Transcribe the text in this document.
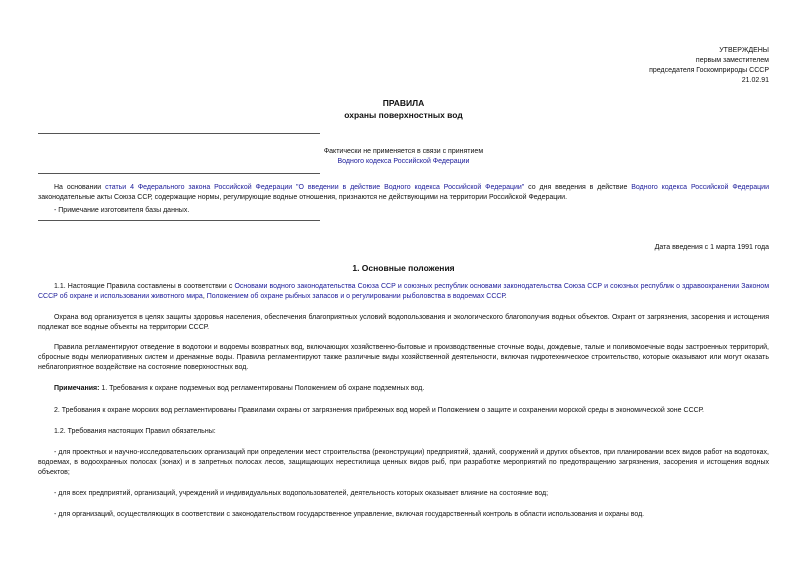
УТВЕРЖДЕНЫ
первым заместителем
председателя Госкомприроды СССР
21.02.91
ПРАВИЛА
охраны поверхностных вод
Фактически не применяется в связи с принятием
Водного кодекса Российской Федерации
На основании статьи 4 Федерального закона Российской Федерации "О введении в действие Водного кодекса Российской Федерации" со дня введения в действие Водного кодекса Российской Федерации законодательные акты Союза ССР, содержащие нормы, регулирующие водные отношения, признаются не действующими на территории Российской Федерации.
- Примечание изготовителя базы данных.
Дата введения с 1 марта 1991 года
1. Основные положения
1.1. Настоящие Правила составлены в соответствии с Основами водного законодательства Союза ССР и союзных республик основами законодательства Союза ССР и союзных республик о здравоохранении Законом СССР об охране и использовании животного мира, Положением об охране рыбных запасов и о регулировании рыболовства в водоемах СССР.
Охрана вод организуется в целях защиты здоровья населения, обеспечения благоприятных условий водопользования и экологического благополучия водных объектов. Охрант от загрязнения, засорения и истощения подлежат все водные объекты на территории СССР.
Правила регламентируют отведение в водотоки и водоемы возвратных вод, включающих хозяйственно-бытовые и производственные сточные воды, дождевые, талые и поливомоечные воды застроенных территорий, сбросные воды мелиоративных систем и дренажные воды. Правила регламентируют также различные виды хозяйственной деятельности, включая гидротехническое строительство, которые оказывают или могут оказать неблагоприятное воздействие на состояние поверхностных вод.
Примечания: 1. Требования к охране подземных вод регламентированы Положением об охране подземных вод.
2. Требования к охране морских вод регламентированы Правилами охраны от загрязнения прибрежных вод морей и Положением о защите и сохранении морской среды в экономической зоне СССР.
1.2. Требования настоящих Правил обязательны:
- для проектных и научно-исследовательских организаций при определении мест строительства (реконструкции) предприятий, зданий, сооружений и других объектов, при планировании всех видов работ на водотоках, водоемах, в водоохранных полосах (зонах) и в запретных полосах лесов, защищающих нерестилища ценных видов рыб, при разработке мероприятий по предотвращению загрязнения, засорения и истощения водных объектов;
- для всех предприятий, организаций, учреждений и индивидуальных водопользователей, деятельность которых оказывает влияние на состояние вод;
- для организаций, осуществляющих в соответствии с законодательством государственное управление, включая государственный контроль в области использования и охраны вод.
